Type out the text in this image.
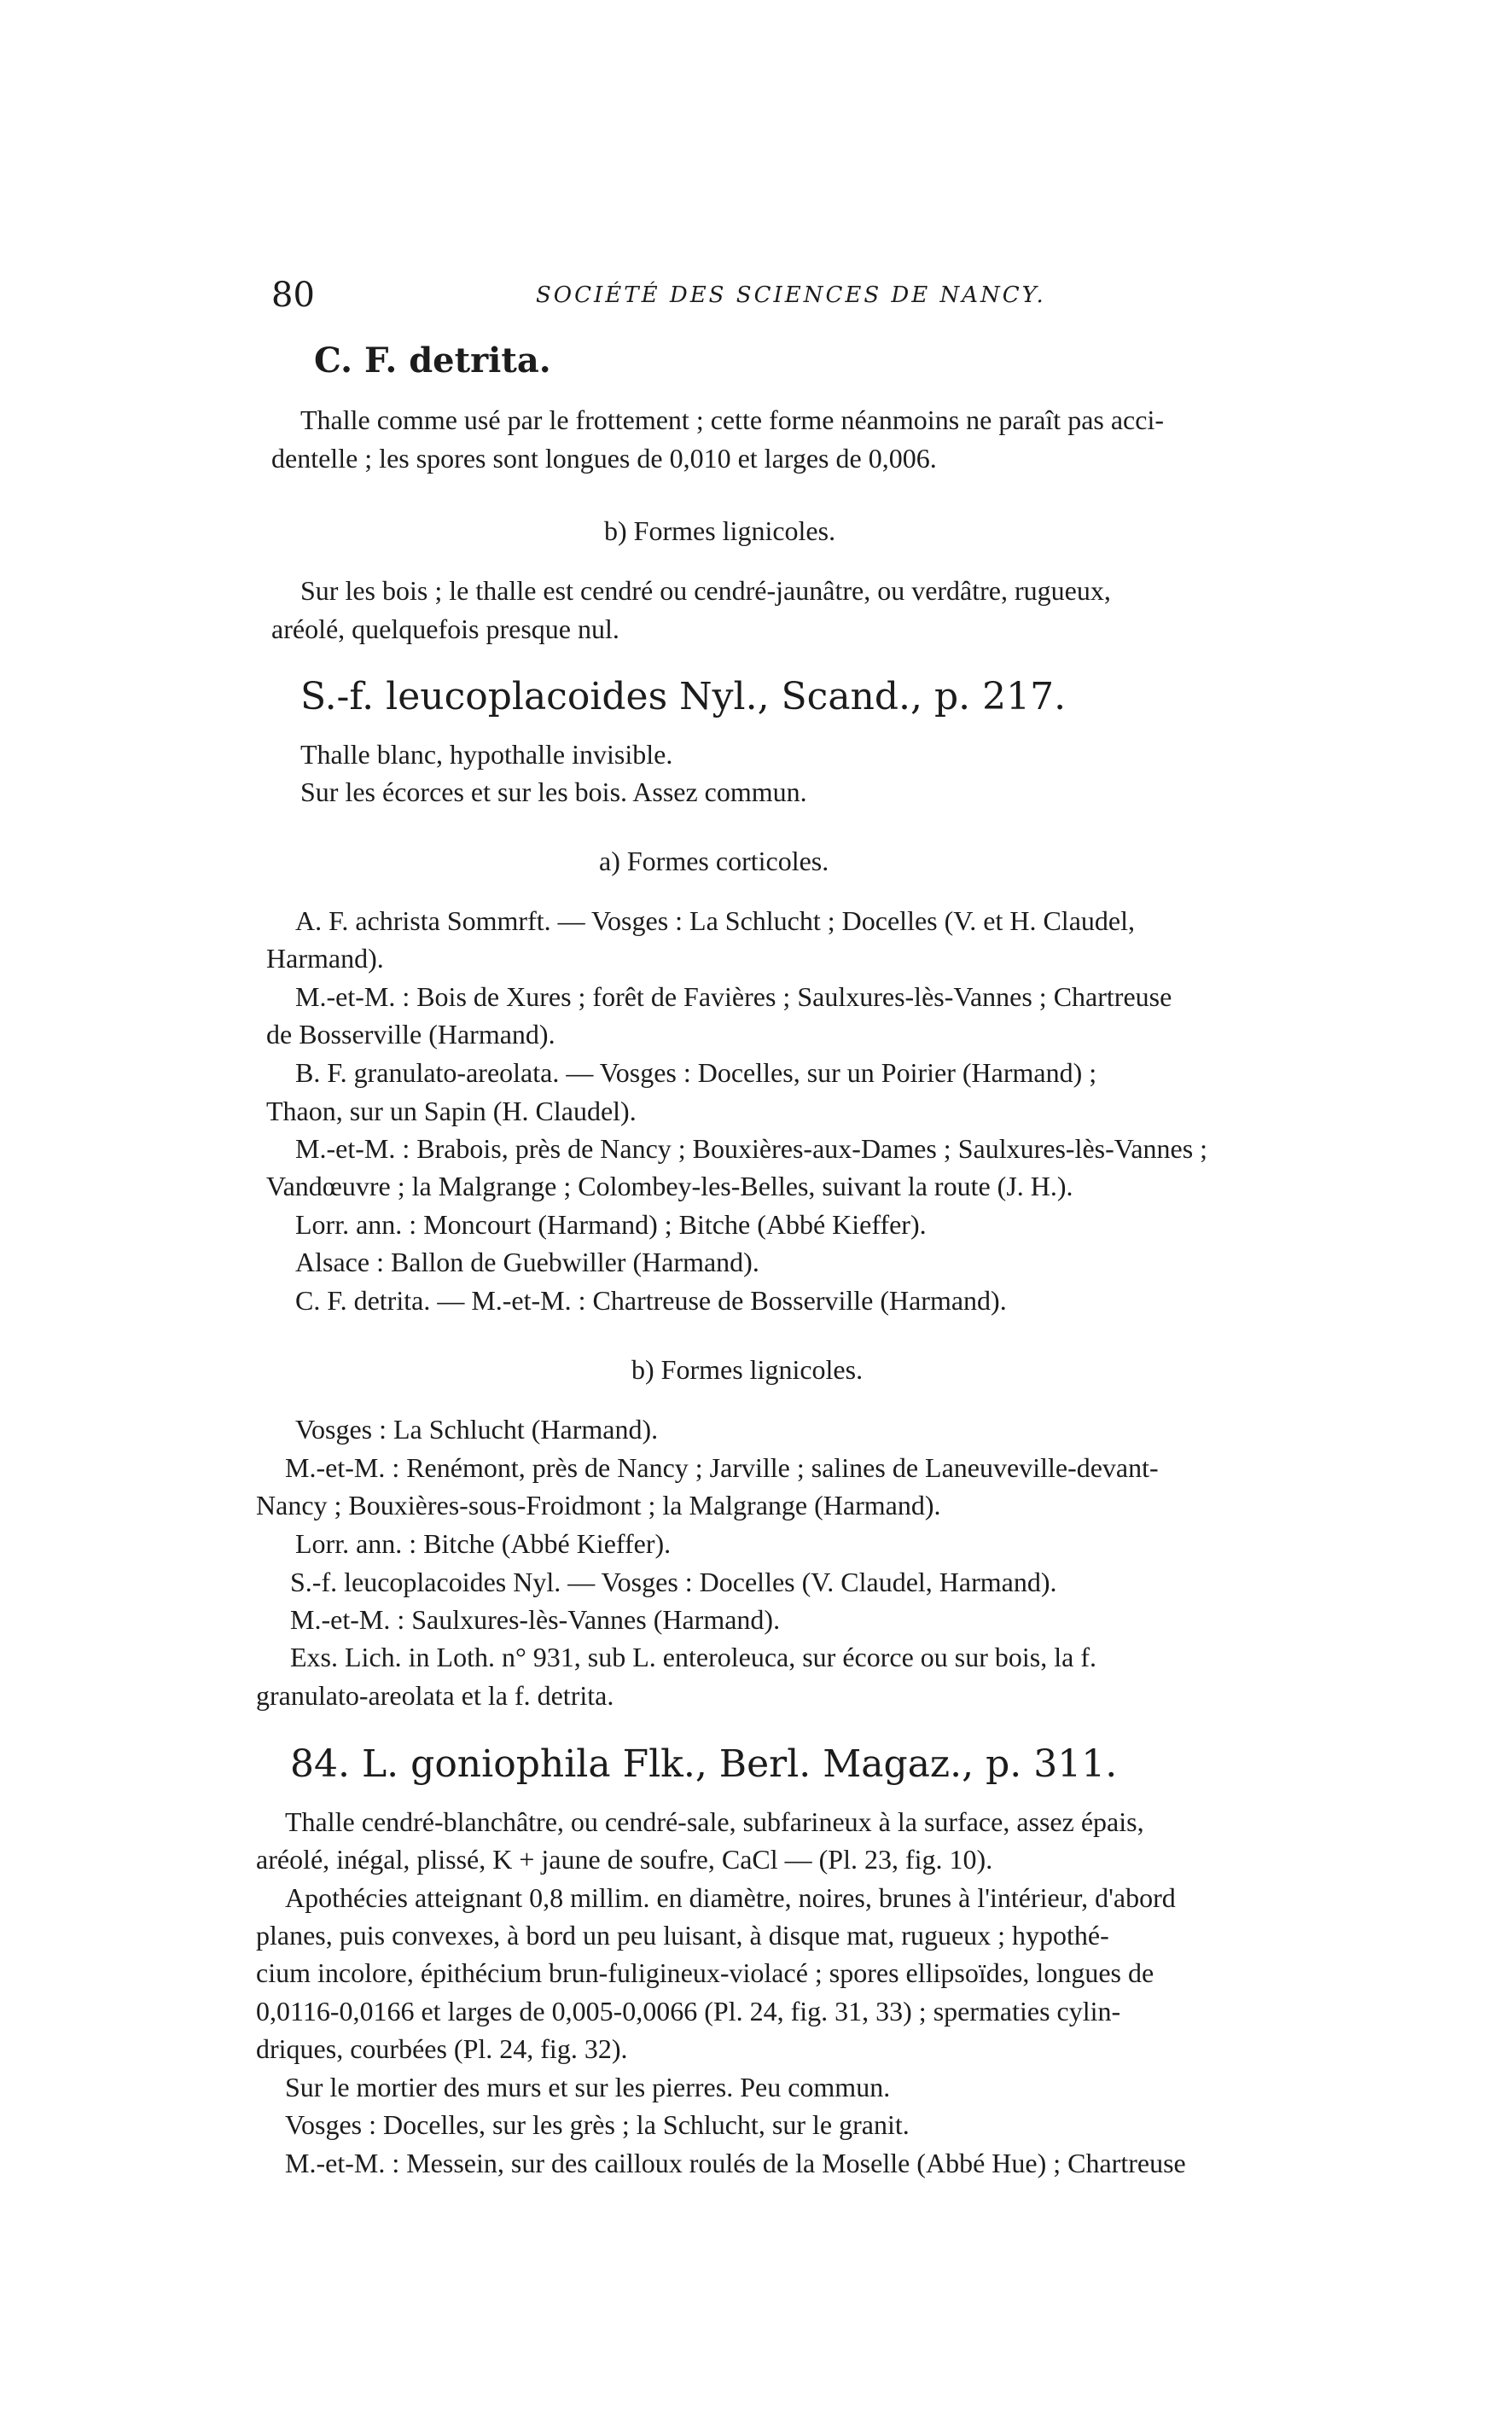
80	SOCIÉTÉ DES SCIENCES DE NANCY.
C. F. detrita.
Thalle comme usé par le frottement ; cette forme néanmoins ne paraît pas acci-
dentelle ; les spores sont longues de 0,010 et larges de 0,006.
b) Formes lignicoles.
Sur les bois ; le thalle est cendré ou cendré-jaunâtre, ou verdâtre, rugueux,
aréolé, quelquefois presque nul.
S.-f. leucoplacoides Nyl., Scand., p. 217.
Thalle blanc, hypothalle invisible.
Sur les écorces et sur les bois. Assez commun.
a) Formes corticoles.
A. F. achrista Sommrft. — Vosges : La Schlucht ; Docelles (V. et H. Claudel,
Harmand).
M.-et-M. : Bois de Xures ; forêt de Favières ; Saulxures-lès-Vannes ; Chartreuse
de Bosserville (Harmand).
B. F. granulato-areolata. — Vosges : Docelles, sur un Poirier (Harmand) ;
Thaon, sur un Sapin (H. Claudel).
M.-et-M. : Brabois, près de Nancy ; Bouxières-aux-Dames ; Saulxures-lès-Vannes ;
Vandœuvre ; la Malgrange ; Colombey-les-Belles, suivant la route (J. H.).
Lorr. ann. : Moncourt (Harmand) ; Bitche (Abbé Kieffer).
Alsace : Ballon de Guebwiller (Harmand).
C. F. detrita. — M.-et-M. : Chartreuse de Bosserville (Harmand).
b) Formes lignicoles.
Vosges : La Schlucht (Harmand).
M.-et-M. : Renémont, près de Nancy ; Jarville ; salines de Laneuveville-devant-
Nancy ; Bouxières-sous-Froidmont ; la Malgrange (Harmand).
Lorr. ann. : Bitche (Abbé Kieffer).
S.-f. leucoplacoides Nyl. — Vosges : Docelles (V. Claudel, Harmand).
M.-et-M. : Saulxures-lès-Vannes (Harmand).
Exs. Lich. in Loth. n° 931, sub L. enteroleuca, sur écorce ou sur bois, la f.
granulato-areolata et la f. detrita.
84. L. goniophila Flk., Berl. Magaz., p. 311.
Thalle cendré-blanchâtre, ou cendré-sale, subfarineux à la surface, assez épais,
aréolé, inégal, plissé, K + jaune de soufre, CaCl — (Pl. 23, fig. 10).
Apothécies atteignant 0,8 millim. en diamètre, noires, brunes à l'intérieur, d'abord
planes, puis convexes, à bord un peu luisant, à disque mat, rugueux ; hypothé-
cium incolore, épithécium brun-fuligineux-violacé ; spores ellipsoïdes, longues de
0,0116-0,0166 et larges de 0,005-0,0066 (Pl. 24, fig. 31, 33) ; spermaties cylin-
driques, courbées (Pl. 24, fig. 32).
Sur le mortier des murs et sur les pierres. Peu commun.
Vosges : Docelles, sur les grès ; la Schlucht, sur le granit.
M.-et-M. : Messein, sur des cailloux roulés de la Moselle (Abbé Hue) ; Chartreuse
